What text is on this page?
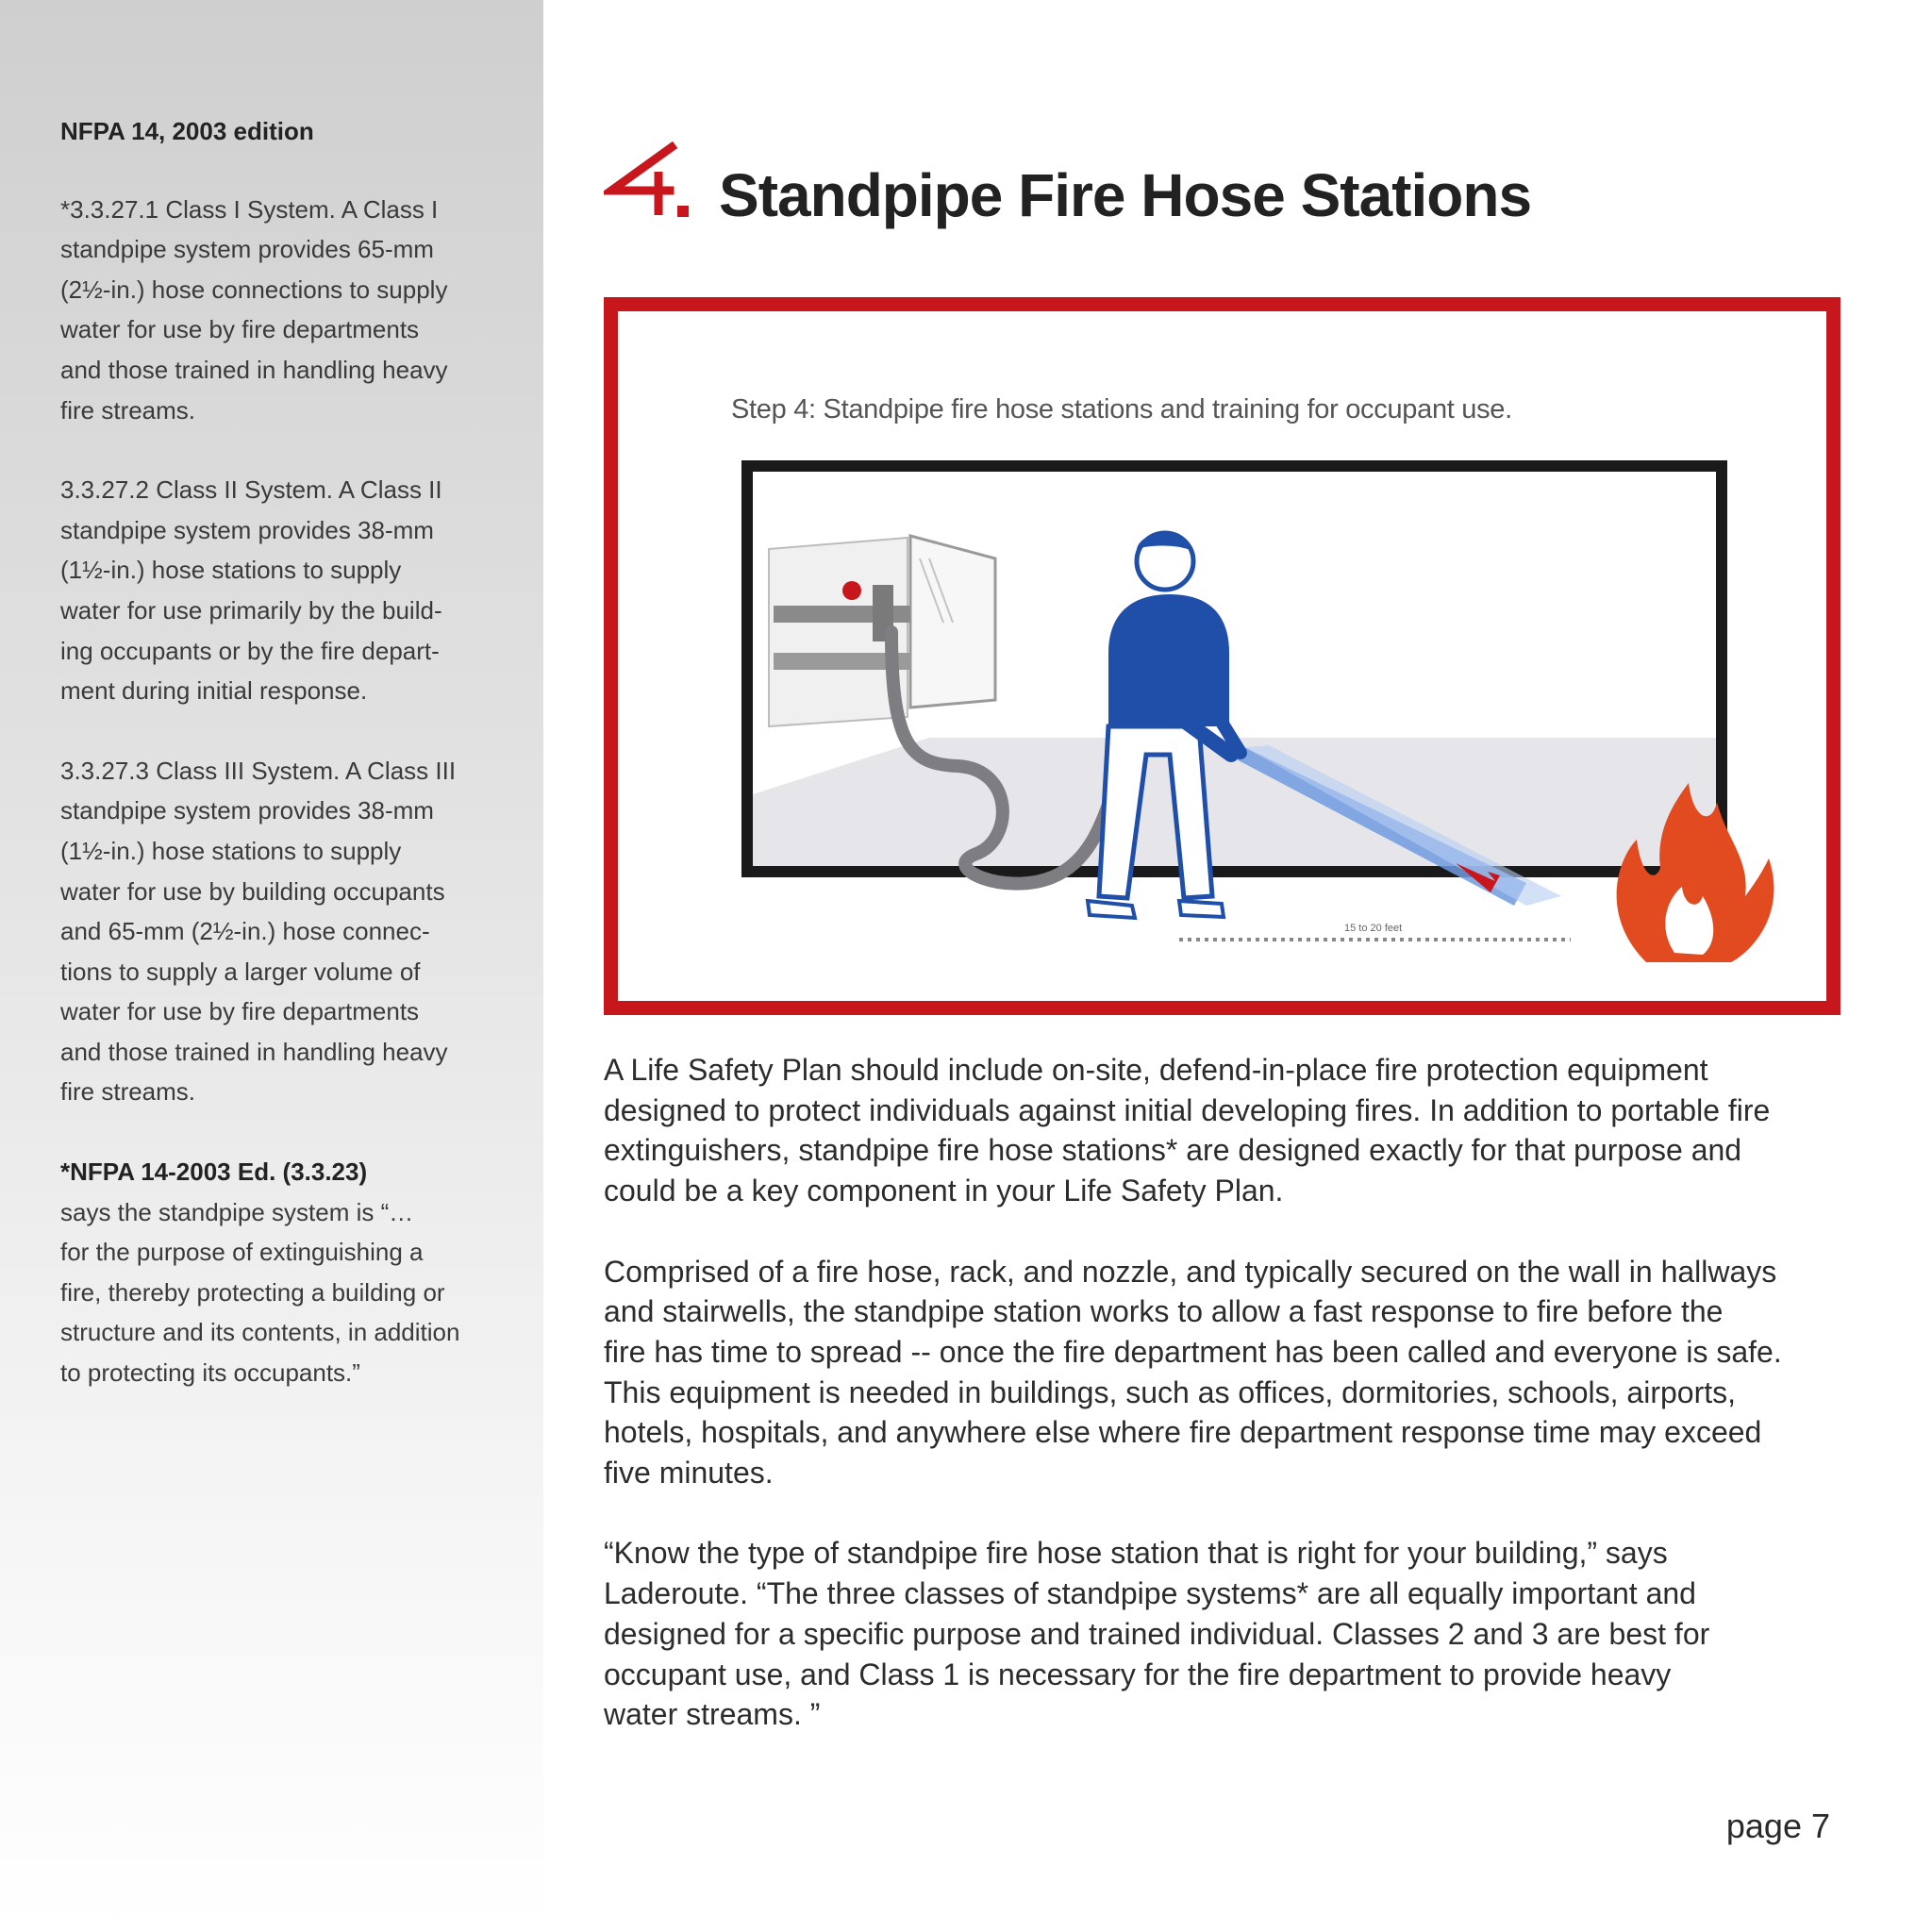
NFPA 14, 2003 edition

*3.3.27.1 Class I System. A Class I
standpipe system provides 65-mm
(2½-in.) hose connections to supply
water for use by fire departments
and those trained in handling heavy
fire streams.

3.3.27.2 Class II System. A Class II
standpipe system provides 38-mm
(1½-in.) hose stations to supply
water for use primarily by the build-
ing occupants or by the fire depart-
ment during initial response.

3.3.27.3 Class III System. A Class III
standpipe system provides 38-mm
(1½-in.) hose stations to supply
water for use by building occupants
and 65-mm (2½-in.) hose connec-
tions to supply a larger volume of
water for use by fire departments
and those trained in handling heavy
fire streams.

*NFPA 14-2003 Ed. (3.3.23)

says the standpipe system is “…
for the purpose of extinguishing a
fire, thereby protecting a building or
structure and its contents, in addition
to protecting its occupants.”

Standpipe Fire Hose Stations
Step 4: Standpipe fire hose stations and training for occupant use.
15 to 20 feet

A Life Safety Plan should include on-site, defend-in-place fire protection equipment
designed to protect individuals against initial developing fires. In addition to portable fire
extinguishers, standpipe fire hose stations* are designed exactly for that purpose and
could be a key component in your Life Safety Plan.

Comprised of a fire hose, rack, and nozzle, and typically secured on the wall in hallways
and stairwells, the standpipe station works to allow a fast response to fire before the
fire has time to spread -- once the fire department has been called and everyone is safe.
This equipment is needed in buildings, such as offices, dormitories, schools, airports,
hotels, hospitals, and anywhere else where fire department response time may exceed
five minutes.

“Know the type of standpipe fire hose station that is right for your building,” says
Laderoute. “The three classes of standpipe systems* are all equally important and
designed for a specific purpose and trained individual. Classes 2 and 3 are best for
occupant use, and Class 1 is necessary for the fire department to provide heavy
water streams. ”

page 7
